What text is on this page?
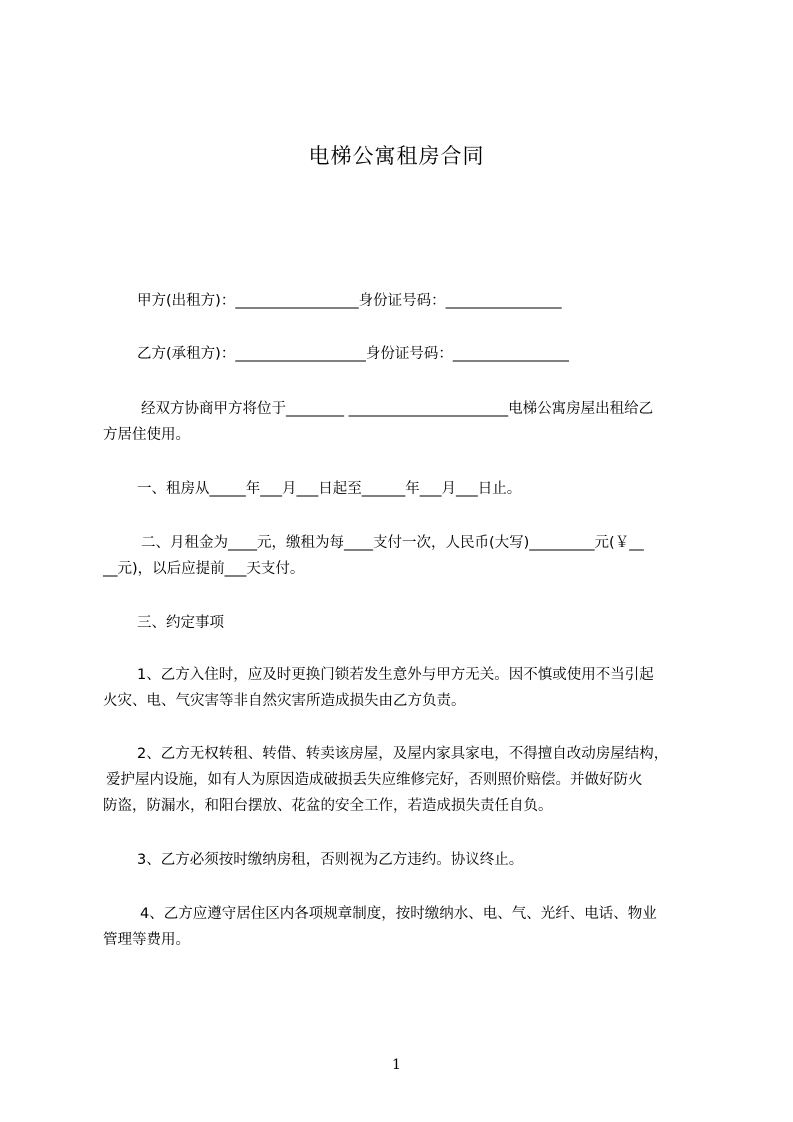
电梯公寓租房合同
甲方(出租方)：_________________身份证号码：________________
乙方(承租方)：__________________身份证号码：________________
经双方协商甲方将位于________ ______________________电梯公寓房屋出租给乙
方居住使用。
一、租房从_____年___月___日起至______年___月___日止。
二、月租金为____元，缴租为每____支付一次，人民币(大写)_________元(￥__
__元)，以后应提前___天支付。
三、约定事项
1、乙方入住时，应及时更换门锁若发生意外与甲方无关。因不慎或使用不当引起
火灾、电、气灾害等非自然灾害所造成损失由乙方负责。
2、乙方无权转租、转借、转卖该房屋，及屋内家具家电，不得擅自改动房屋结构，
爱护屋内设施，如有人为原因造成破损丢失应维修完好，否则照价赔偿。并做好防火
防盗，防漏水，和阳台摆放、花盆的安全工作，若造成损失责任自负。
3、乙方必须按时缴纳房租，否则视为乙方违约。协议终止。
4、乙方应遵守居住区内各项规章制度，按时缴纳水、电、气、光纤、电话、物业
管理等费用。
1
